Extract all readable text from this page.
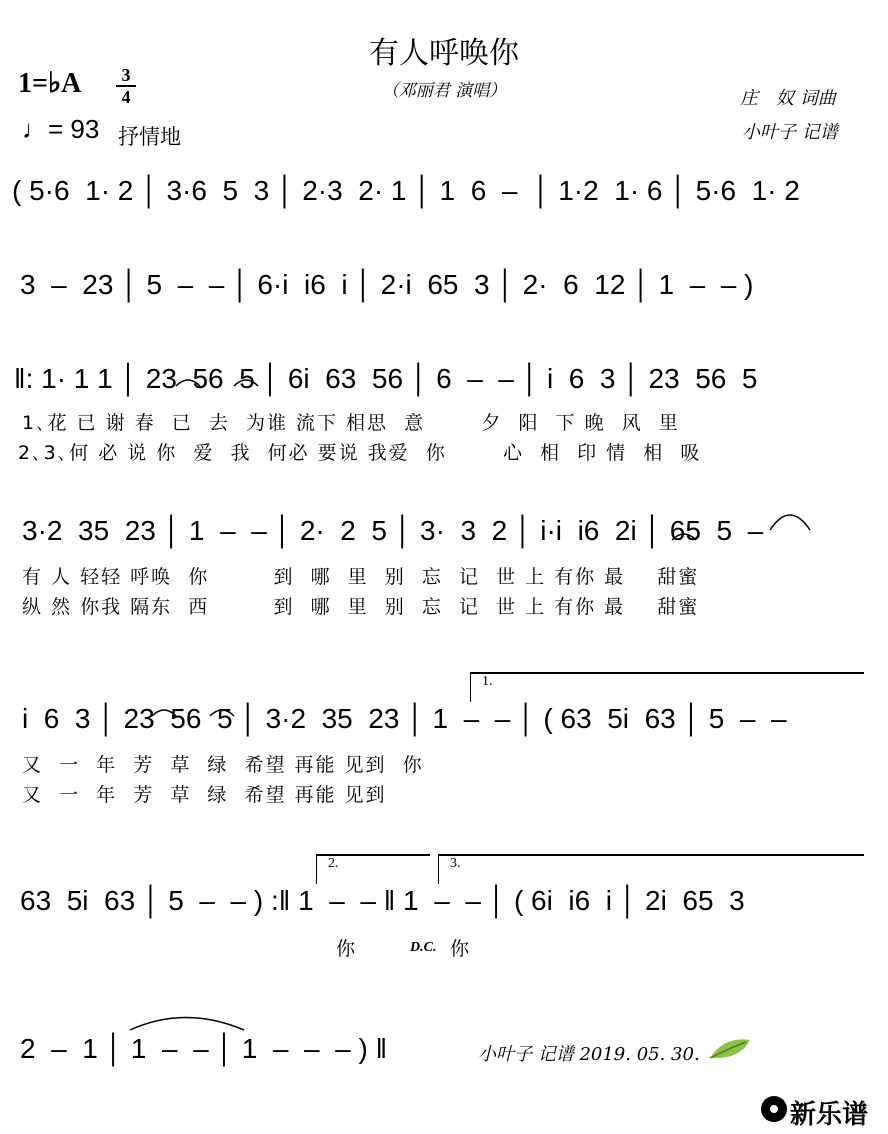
有人呼唤你
（邓丽君 演唱）
1=♭A	3
4
♩= 93 抒情地
庄　奴 词曲
小叶子 记谱
( 5·6  1· 2 │ 3·6  5  3 │ 2·3  2· 1 │ 1  6  –  │ 1·2  1· 6 │ 5·6  1· 2
3  –  23 │ 5  –  – │ 6·i  i6  i │ 2·i  65  3 │ 2·  6  12 │ 1  –  – )
‖: 1· 1 1 │ 23  56  5 │ 6i  63  56 │ 6  –  – │ i  6  3 │ 23  56  5
1､花 已 谢 春  已  去  为谁 流下 相思  意       夕  阳  下 晚  风  里
2､3､何 必 说 你  爱  我  何必 要说 我爱  你       心  相  印 情  相  吸
3·2  35  23 │ 1  –  – │ 2·  2  5 │ 3·  3  2 │ i·i  i6  2i │ 65  5  –
有 人 轻轻 呼唤  你        到  哪  里  别  忘  记  世 上 有你 最    甜蜜
纵 然 你我 隔东  西        到  哪  里  别  忘  记  世 上 有你 最    甜蜜
1.
i  6  3 │ 23  56  5 │ 3·2  35  23 │ 1  –  – │ ( 63  5i  63 │ 5  –  –
又  一  年  芳  草  绿  希望 再能 见到  你
又  一  年  芳  草  绿  希望 再能 见到
2.	3.
63  5i  63 │ 5  –  – ) :‖ 1  –  – ‖ 1  –  – │ ( 6i  i6  i │ 2i  65  3
你	D.C. 你
2  –  1 │ 1  –  – │ 1  –  –  – ) ‖	小叶子 记谱 2019. 05. 30.
新乐谱
